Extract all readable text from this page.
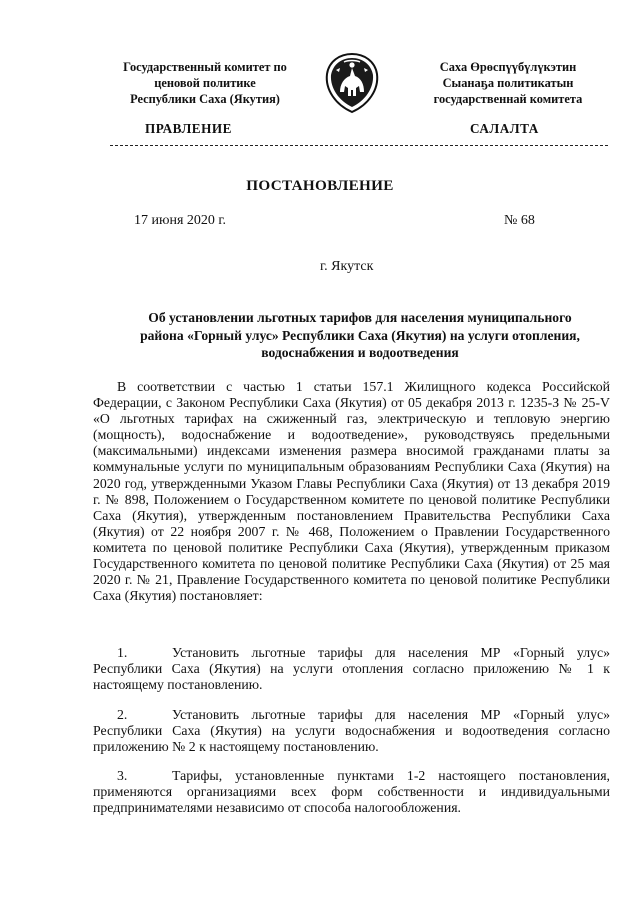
Государственный комитет по
ценовой политике
Республики Саха (Якутия)
Саха Өрөспүүбүлүкэтин
Сыанаҕа политикатын
государственнай комитета
ПРАВЛЕНИЕ	САЛАЛТА
ПОСТАНОВЛЕНИЕ
17 июня 2020 г.	№ 68
г. Якутск
Об установлении льготных тарифов для населения муниципального
района «Горный улус» Республики Саха (Якутия) на услуги отопления,
водоснабжения и водоотведения
В соответствии с частью 1 статьи 157.1 Жилищного кодекса Российской Федерации, с Законом Республики Саха (Якутия) от 05 декабря 2013 г. 1235-З № 25-V «О льготных тарифах на сжиженный газ, электрическую и тепловую энергию (мощность), водоснабжение и водоотведение», руководствуясь предельными (максимальными) индексами изменения размера вносимой гражданами платы за коммунальные услуги по муниципальным образованиям Республики Саха (Якутия) на 2020 год, утвержденными Указом Главы Республики Саха (Якутия) от 13 декабря 2019 г. № 898, Положением о Государственном комитете по ценовой политике Республики Саха (Якутия), утвержденным постановлением Правительства Республики Саха (Якутия) от 22 ноября 2007 г. № 468, Положением о Правлении Государственного комитета по ценовой политике Республики Саха (Якутия), утвержденным приказом Государственного комитета по ценовой политике Республики Саха (Якутия) от 25 мая 2020 г. № 21, Правление Государственного комитета по ценовой политике Республики Саха (Якутия) постановляет:
1.	Установить льготные тарифы для населения МР «Горный улус» Республики Саха (Якутия) на услуги отопления согласно приложению № 1 к настоящему постановлению.
2.	Установить льготные тарифы для населения МР «Горный улус» Республики Саха (Якутия) на услуги водоснабжения и водоотведения согласно приложению № 2 к настоящему постановлению.
3.	Тарифы, установленные пунктами 1-2 настоящего постановления, применяются организациями всех форм собственности и индивидуальными предпринимателями независимо от способа налогообложения.
